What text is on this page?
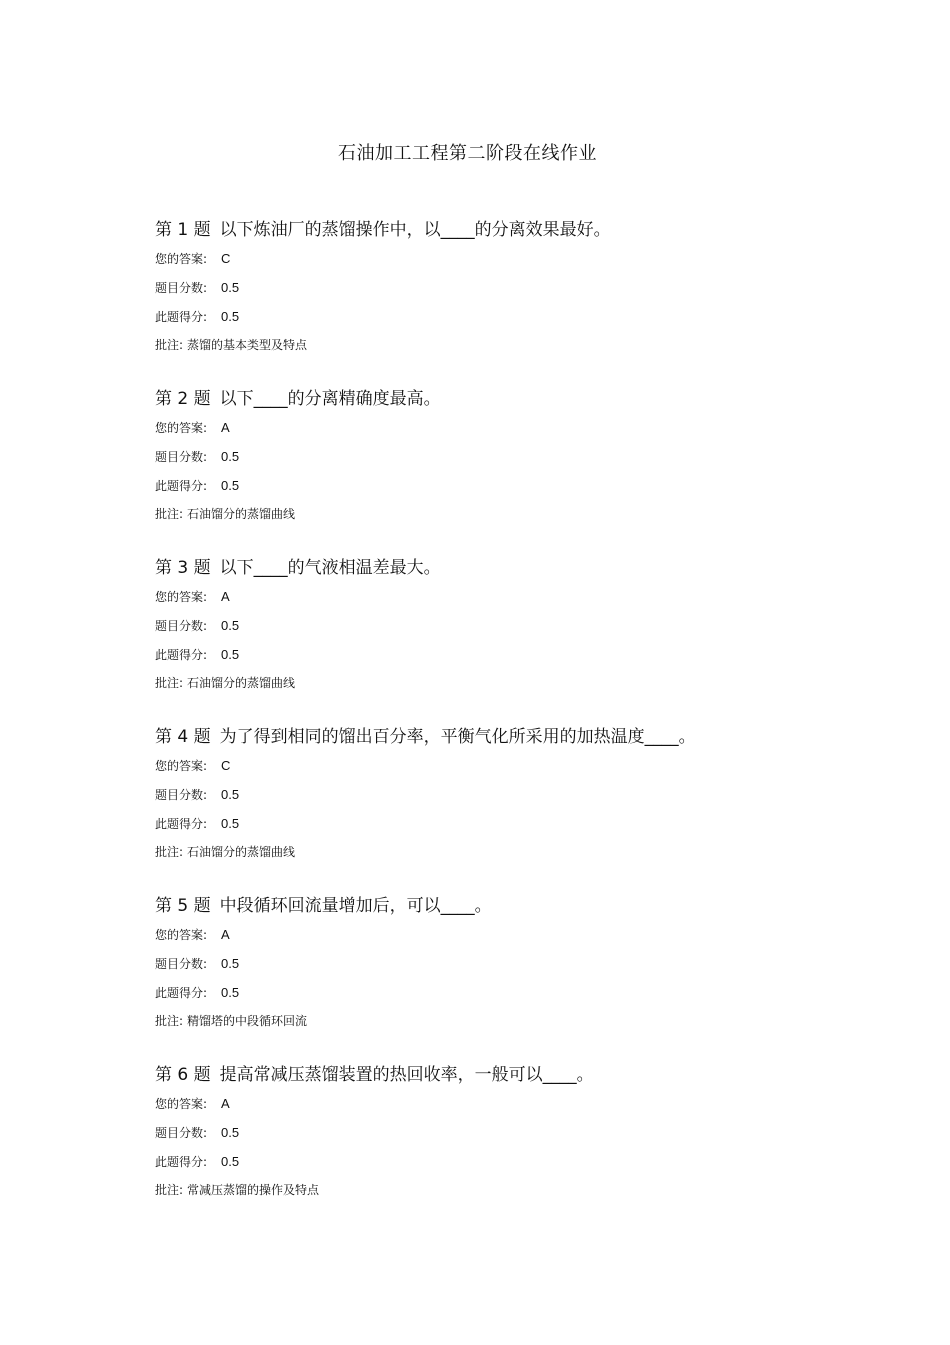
石油加工工程第二阶段在线作业
第 1 题 以下炼油厂的蒸馏操作中，以____的分离效果最好。
您的答案: C
题目分数: 0.5
此题得分: 0.5
批注: 蒸馏的基本类型及特点
第 2 题 以下____的分离精确度最高。
您的答案: A
题目分数: 0.5
此题得分: 0.5
批注: 石油馏分的蒸馏曲线
第 3 题 以下____的气液相温差最大。
您的答案: A
题目分数: 0.5
此题得分: 0.5
批注: 石油馏分的蒸馏曲线
第 4 题 为了得到相同的馏出百分率，平衡气化所采用的加热温度____。
您的答案: C
题目分数: 0.5
此题得分: 0.5
批注: 石油馏分的蒸馏曲线
第 5 题 中段循环回流量增加后，可以____。
您的答案: A
题目分数: 0.5
此题得分: 0.5
批注: 精馏塔的中段循环回流
第 6 题 提高常减压蒸馏装置的热回收率，一般可以____。
您的答案: A
题目分数: 0.5
此题得分: 0.5
批注: 常减压蒸馏的操作及特点
